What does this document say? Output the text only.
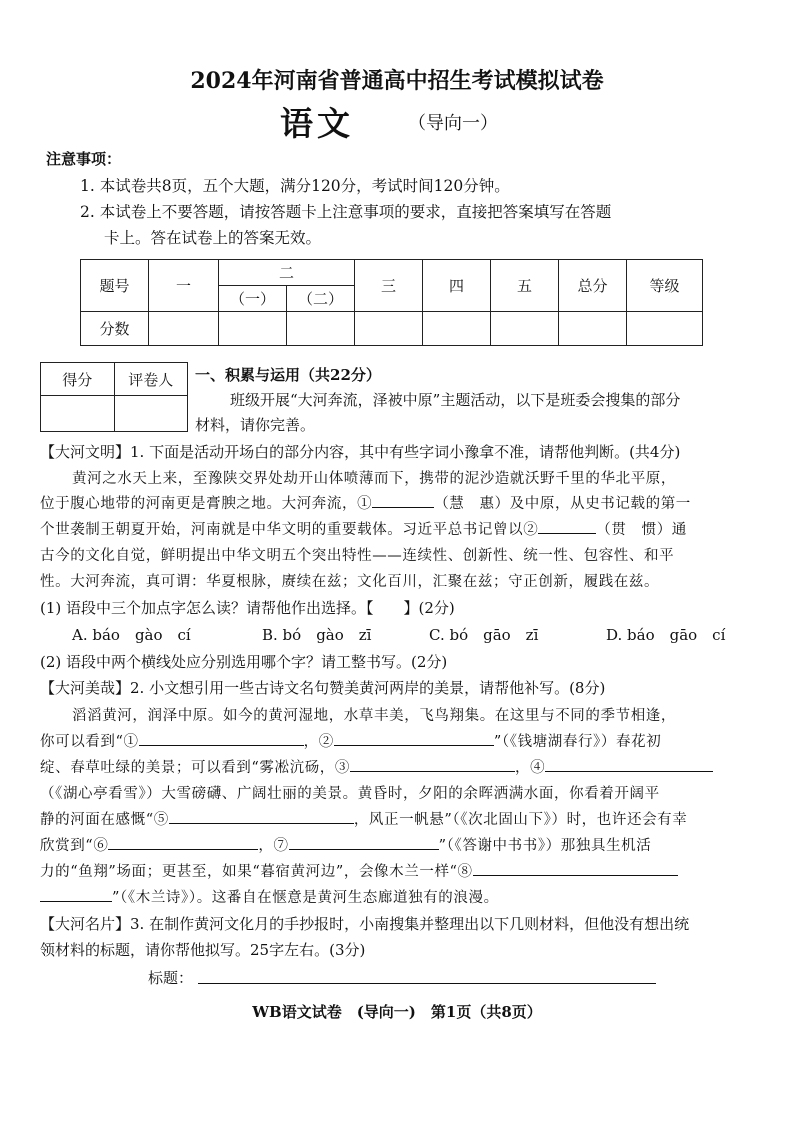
2024年河南省普通高中招生考试模拟试卷
语文	（导向一）
注意事项：
1. 本试卷共8页，五个大题，满分120分，考试时间120分钟。
2. 本试卷上不要答题，请按答题卡上注意事项的要求，直接把答案填写在答题
卡上。答在试卷上的答案无效。
题号	一	二		三	四	五	总分	等级
		（一）	（二）					
分数								
得分	评卷人
	一、积累与运用（共22分）
班级开展“大河奔流，泽被中原”主题活动，以下是班委会搜集的部分
材料，请你完善。
【大河文明】1. 下面是活动开场白的部分内容，其中有些字词小豫拿不准，请帮他判断。(共4分)
黄河之水天上来，至豫陕交界处劫开山体喷薄而下，携带的泥沙造就沃野千里的华北平原，
位于腹心地带的河南更是膏腴之地。大河奔流，①	（慧　惠）及中原，从史书记载的第一
个世袭制王朝夏开始，河南就是中华文明的重要载体。习近平总书记曾以②	（贯　惯）通
古今的文化自觉，鲜明提出中华文明五个突出特性——连续性、创新性、统一性、包容性、和平
性。大河奔流，真可谓：华夏根脉，赓续在兹；文化百川，汇聚在兹；守正创新，履践在兹。
(1) 语段中三个加点字怎么读？请帮他作出选择。【　　】(2分)
A. báo　gào　cí	B. bó　gào　zī	C. bó　gāo　zī	D. báo　gāo　cí
(2) 语段中两个横线处应分别选用哪个字？请工整书写。(2分)
【大河美哉】2. 小文想引用一些古诗文名句赞美黄河两岸的美景，请帮他补写。(8分)
滔滔黄河，润泽中原。如今的黄河湿地，水草丰美，飞鸟翔集。在这里与不同的季节相逢，
你可以看到“①	，②	”（《钱塘湖春行》）春花初
绽、春草吐绿的美景；可以看到“雾凇沆砀，③	，④
（《湖心亭看雪》）大雪磅礴、广阔壮丽的美景。黄昏时，夕阳的余晖洒满水面，你看着开阔平
静的河面在感慨“⑤	，风正一帆悬”（《次北固山下》）时，也许还会有幸
欣赏到“⑥	，⑦	”（《答谢中书书》）那独具生机活
力的“鱼翔”场面；更甚至，如果“暮宿黄河边”，会像木兰一样“⑧
”（《木兰诗》）。这番自在惬意是黄河生态廊道独有的浪漫。
【大河名片】3. 在制作黄河文化月的手抄报时，小南搜集并整理出以下几则材料，但他没有想出统
领材料的标题，请你帮他拟写。25字左右。(3分)
标题：
WB语文试卷　(导向一)　第1页（共8页）
